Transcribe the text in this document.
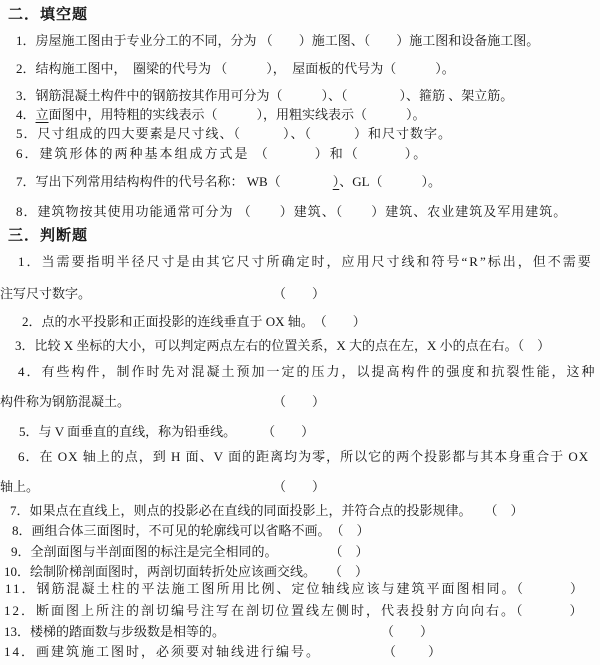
二．填空题
1．房屋施工图由于专业分工的不同，分为 （　　）施工图、（　　）施工图和设备施工图。
2．结构施工图中，　圈梁的代号为 （　　　），　屋面板的代号为（　　　）。
3．钢筋混凝土构件中的钢筋按其作用可分为（　　　）、（　　　　）、箍筋 、架立筋。
4．立面图中，用特粗的实线表示（　　　），用粗实线表示（　　　）。
5．尺寸组成的四大要素是尺寸线、（　　　）、（　　　）和尺寸数字。
6．建筑形体的两种基本组成方式是 （　　　）和（　　　）。
7．写出下列常用结构构件的代号名称： WB（　　　　）、GL（　　　）。
8．建筑物按其使用功能通常可分为 （　　）建筑、（　　）建筑、农业建筑及军用建筑。
三．判断题
1．当需要指明半径尺寸是由其它尺寸所确定时，应用尺寸线和符号“R”标出，但不需要
注写尺寸数字。　　　　　　　　　　　　　　　（　　）
2．点的水平投影和正面投影的连线垂直于 OX 轴。　（　　）
3．比较 X 坐标的大小，可以判定两点左右的位置关系，X 大的点在左，X 小的点在右。（　）
4．有些构件，制作时先对混凝土预加一定的压力，以提高构件的强度和抗裂性能，这种
构件称为钢筋混凝土。　　　　　　　　　　　　（　　）
5．与 V 面垂直的直线，称为铅垂线。　　　（　　）
6．在 OX 轴上的点，到 H 面、V 面的距离均为零，所以它的两个投影都与其本身重合于 OX
轴上。　　　　　　　　　　　　　　　　　　　（　　）
7．如果点在直线上，则点的投影必在直线的同面投影上，并符合点的投影规律。　　（　）
8．画组合体三面图时，不可见的轮廓线可以省略不画。　（　）
9．全剖面图与半剖面图的标注是完全相同的。　　　　　（　）
10．绘制阶梯剖面图时，两剖切面转折处应该画交线。　　（　）
11．钢筋混凝土柱的平法施工图所用比例、定位轴线应该与建筑平面图相同。（　　　）
12．断面图上所注的剖切编号注写在剖切位置线左侧时，代表投射方向向右。（　　　）
13．楼梯的踏面数与步级数是相等的。　　　　　　　　　　　　　（　　）
14．画建筑施工图时，必须要对轴线进行编号。　　　　　（　　）
